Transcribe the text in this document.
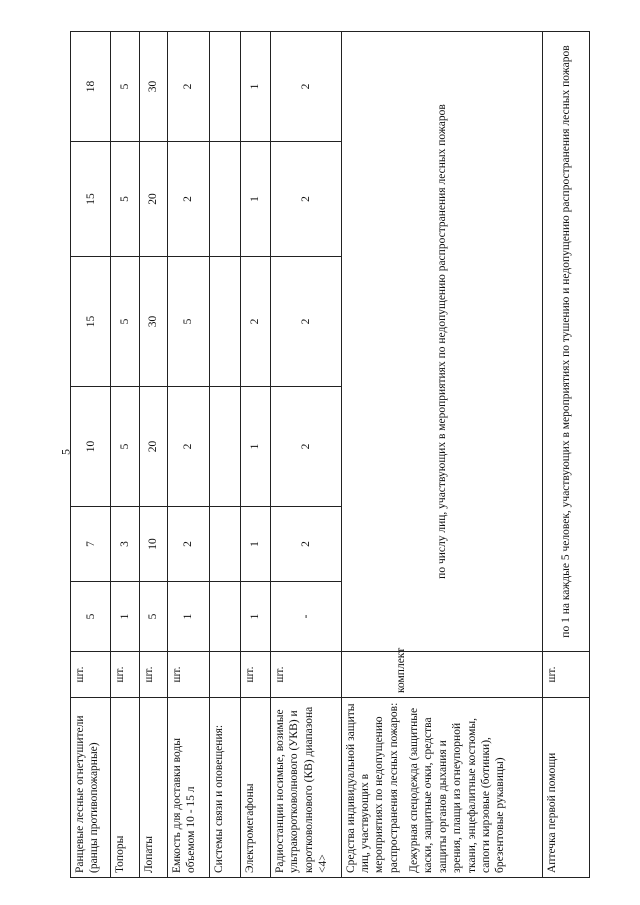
5
Ранцевые лесные огнетушители (ранцы противопожарные)	шт.	5	7	10	15	15	18
Топоры	шт.	1	3	5	5	5	5
Лопаты	шт.	5	10	20	30	20	30
Емкость для доставки воды объемом 10 - 15 л	шт.	1	2	2	5	2	2
Системы связи и оповещения:							
Электромегафоны	шт.	1	1	1	2	1	1
Радиостанции носимые, возимые ультракоротковолнового (УКВ) и коротковолнового (КВ) диапазона <4>	шт.	-	2	2	2	2	2
Средства индивидуальной защиты лиц, участвующих в мероприятиях по недопущению распространения лесных пожаров: Дежурная спецодежда (защитные каски, защитные очки, средства защиты органов дыхания и зрения, плащи из огнеупорной ткани, энцефалитные костюмы, сапоги кирзовые (ботинки), брезентовые рукавицы)	комплект	по числу лиц, участвующих в мероприятиях по недопущению распространения лесных пожаров					
Аптечка первой помощи	шт.	по 1 на каждые 5 человек, участвующих в мероприятиях по тушению и недопущению распространения лесных пожаров					
